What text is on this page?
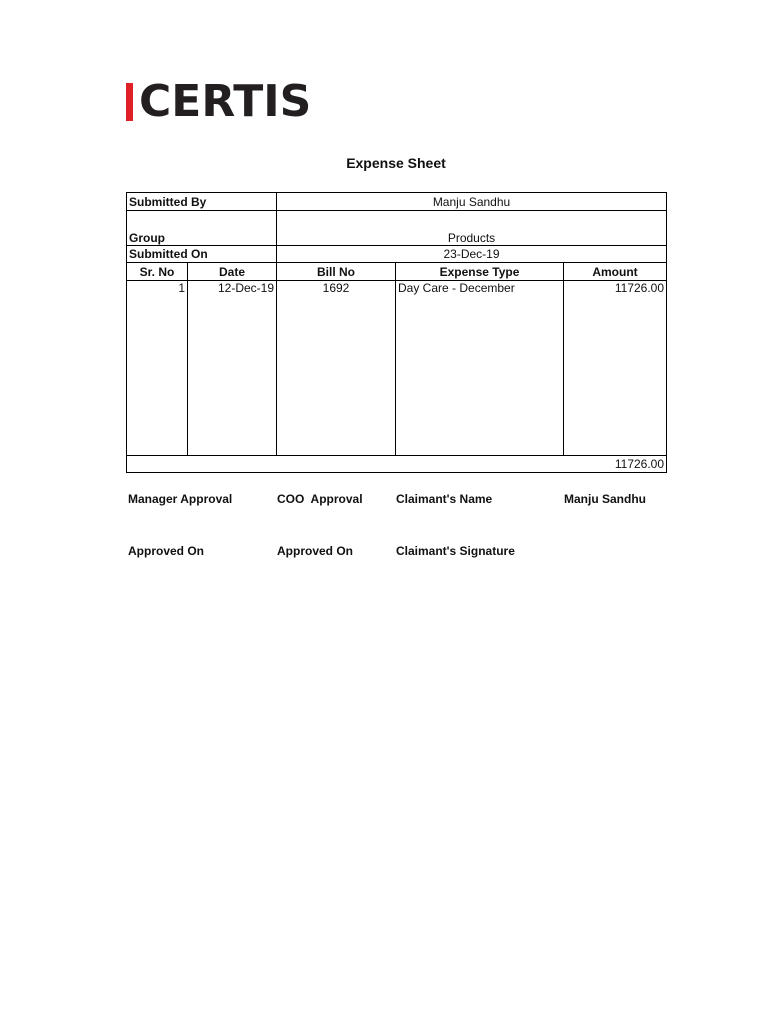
CERTIS
Expense Sheet
Submitted By		Manju Sandhu		
Group		Products		
Submitted On		23-Dec-19		
Sr. No	Date	Bill No	Expense Type	Amount
1	12-Dec-19	1692	Day Care - December	11726.00
11726.00				
Manager Approval	COO  Approval	Claimant's Name	Manju Sandhu
Approved On	Approved On	Claimant's Signature
